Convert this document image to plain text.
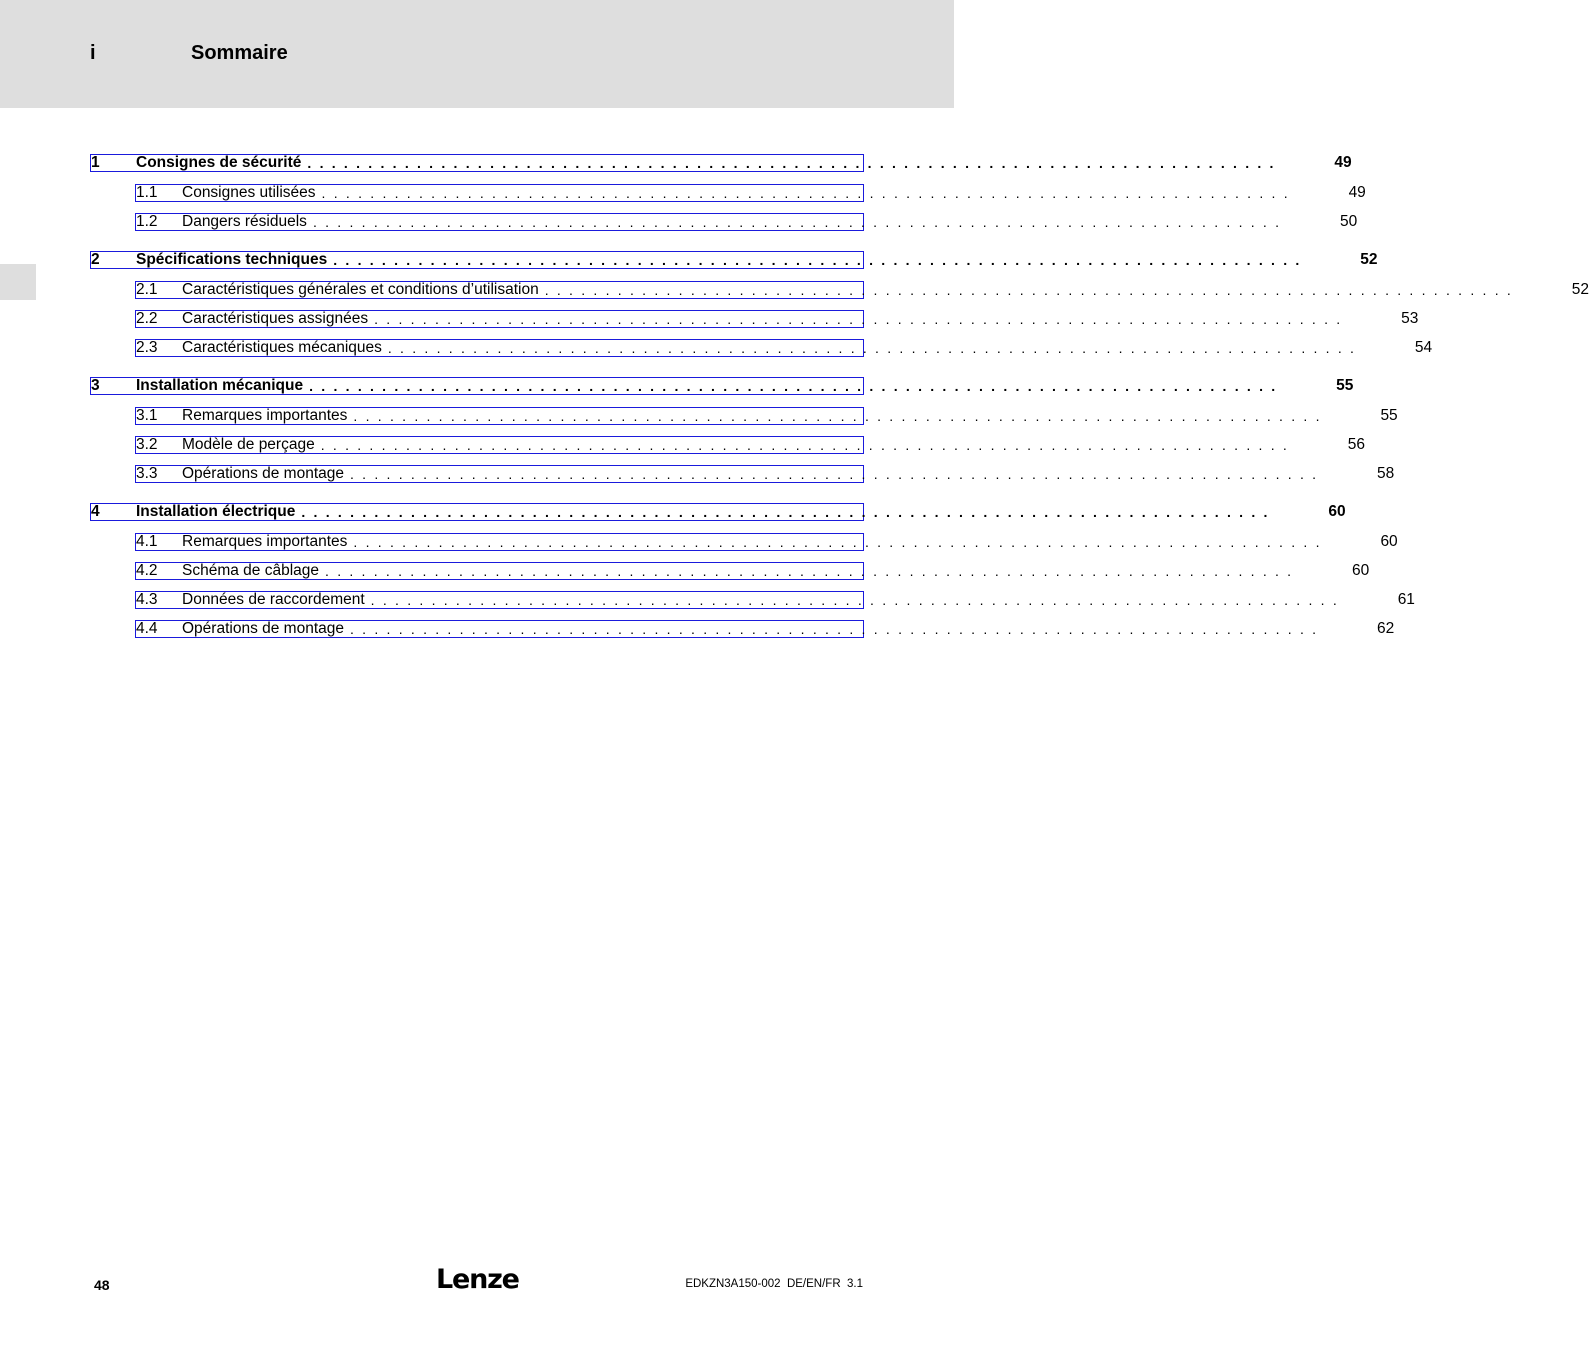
i	Sommaire
1	Consignes de sécurité . . . . . . . . . . . . . . . . . . . . . . . . . . . . . . . . . . . . . . . . . . . . . . . . . . . . . . . . . . . . . . . . . . . . . . . . . . . . . . . .	49
1.1	Consignes utilisées . . . . . . . . . . . . . . . . . . . . . . . . . . . . . . . . . . . . . . . . . . . . . . . . . . . . . . . . . . . . . . . . . . . . . . . . . . . . . . . .	49
1.2	Dangers résiduels . . . . . . . . . . . . . . . . . . . . . . . . . . . . . . . . . . . . . . . . . . . . . . . . . . . . . . . . . . . . . . . . . . . . . . . . . . . . . . . .	50
2	Spécifications techniques . . . . . . . . . . . . . . . . . . . . . . . . . . . . . . . . . . . . . . . . . . . . . . . . . . . . . . . . . . . . . . . . . . . . . . . . . . . . . . . .	52
2.1	Caractéristiques générales et conditions d’utilisation . . . . . . . . . . . . . . . . . . . . . . . . . . . . . . . . . . . . . . . . . . . . . . . . . . . . . . . . . . . . . . . . . . . . . . . . . . . . . . . .	52
2.2	Caractéristiques assignées . . . . . . . . . . . . . . . . . . . . . . . . . . . . . . . . . . . . . . . . . . . . . . . . . . . . . . . . . . . . . . . . . . . . . . . . . . . . . . . .	53
2.3	Caractéristiques mécaniques . . . . . . . . . . . . . . . . . . . . . . . . . . . . . . . . . . . . . . . . . . . . . . . . . . . . . . . . . . . . . . . . . . . . . . . . . . . . . . . .	54
3	Installation mécanique . . . . . . . . . . . . . . . . . . . . . . . . . . . . . . . . . . . . . . . . . . . . . . . . . . . . . . . . . . . . . . . . . . . . . . . . . . . . . . . .	55
3.1	Remarques importantes . . . . . . . . . . . . . . . . . . . . . . . . . . . . . . . . . . . . . . . . . . . . . . . . . . . . . . . . . . . . . . . . . . . . . . . . . . . . . . . .	55
3.2	Modèle de perçage . . . . . . . . . . . . . . . . . . . . . . . . . . . . . . . . . . . . . . . . . . . . . . . . . . . . . . . . . . . . . . . . . . . . . . . . . . . . . . . .	56
3.3	Opérations de montage . . . . . . . . . . . . . . . . . . . . . . . . . . . . . . . . . . . . . . . . . . . . . . . . . . . . . . . . . . . . . . . . . . . . . . . . . . . . . . . .	58
4	Installation électrique . . . . . . . . . . . . . . . . . . . . . . . . . . . . . . . . . . . . . . . . . . . . . . . . . . . . . . . . . . . . . . . . . . . . . . . . . . . . . . . .	60
4.1	Remarques importantes . . . . . . . . . . . . . . . . . . . . . . . . . . . . . . . . . . . . . . . . . . . . . . . . . . . . . . . . . . . . . . . . . . . . . . . . . . . . . . . .	60
4.2	Schéma de câblage . . . . . . . . . . . . . . . . . . . . . . . . . . . . . . . . . . . . . . . . . . . . . . . . . . . . . . . . . . . . . . . . . . . . . . . . . . . . . . . .	60
4.3	Données de raccordement . . . . . . . . . . . . . . . . . . . . . . . . . . . . . . . . . . . . . . . . . . . . . . . . . . . . . . . . . . . . . . . . . . . . . . . . . . . . . . . .	61
4.4	Opérations de montage . . . . . . . . . . . . . . . . . . . . . . . . . . . . . . . . . . . . . . . . . . . . . . . . . . . . . . . . . . . . . . . . . . . . . . . . . . . . . . . .	62
48	Lenze	EDKZN3A150-002  DE/EN/FR  3.1
